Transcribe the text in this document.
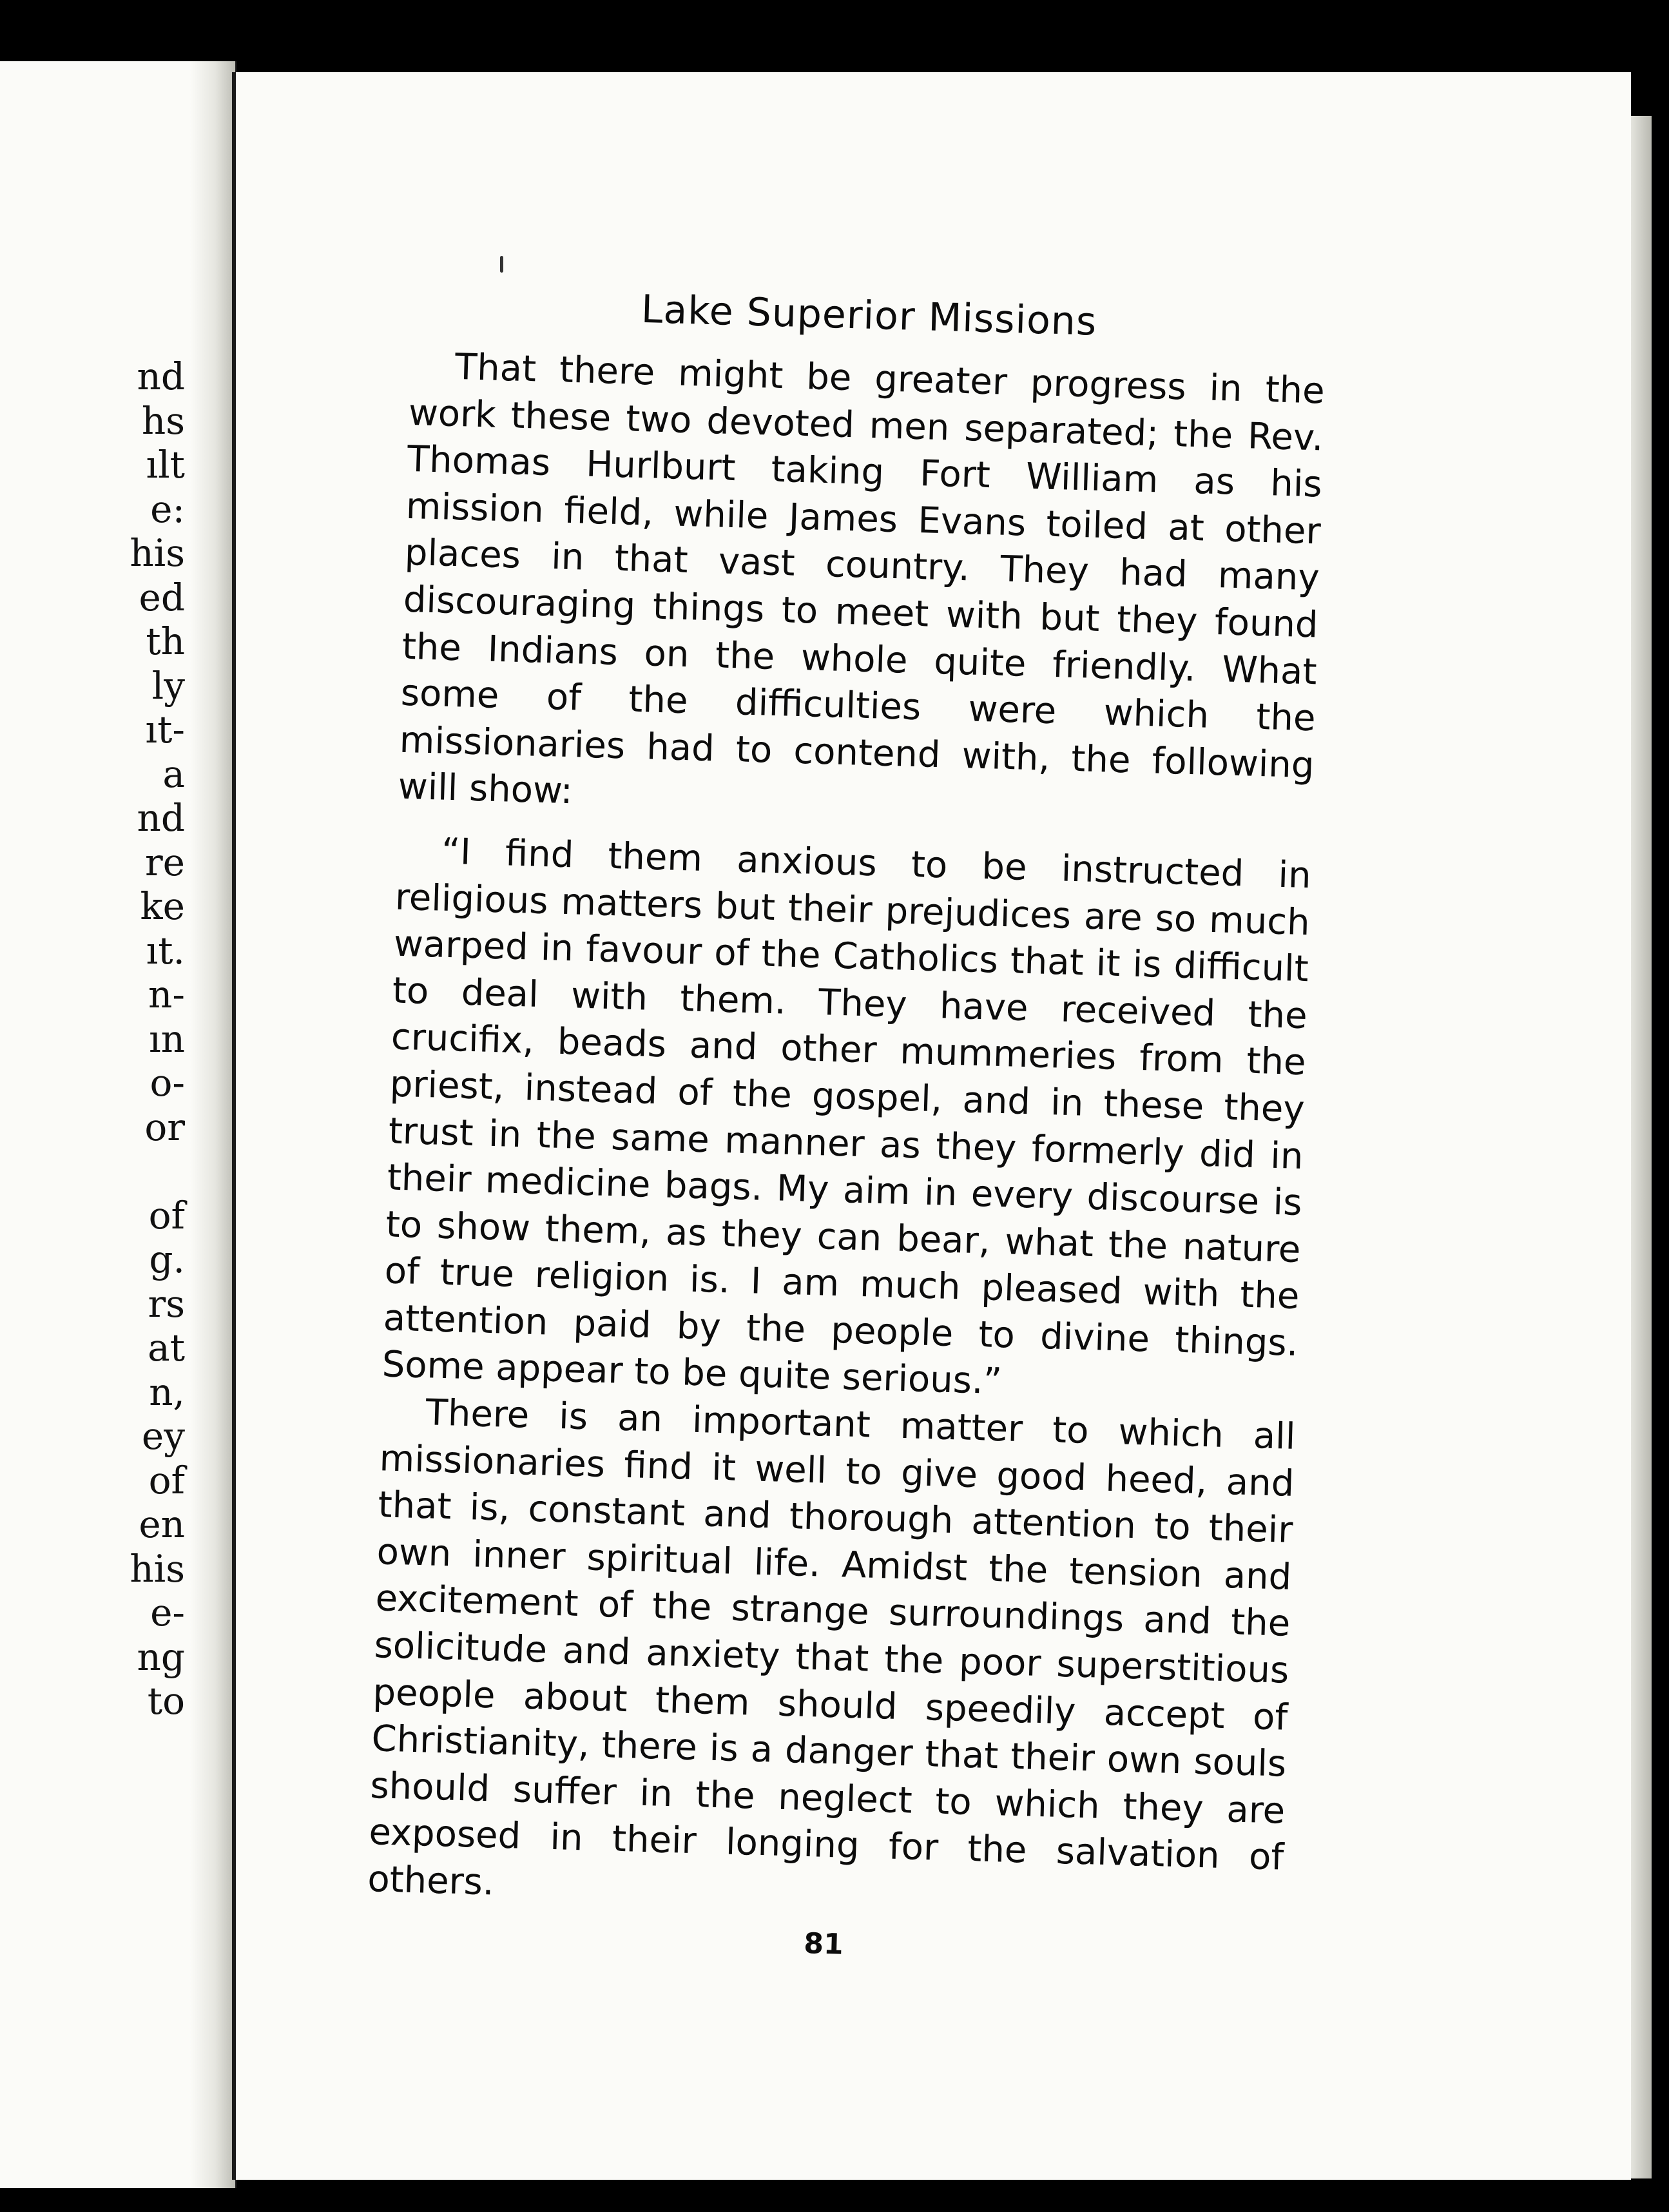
nd
hs
ılt
e:
his
ed
th
ly
ıt-
a
nd
re
ke
ıt.
n-
ın
o-
or
of
g.
rs
at
n,
ey
of
en
his
e-
ng
to
Lake Superior Missions

That there might be greater progress in the work these two devoted men separated; the Rev. Thomas Hurlburt taking Fort William as his mission field, while James Evans toiled at other places in that vast country. They had many discouraging things to meet with but they found the Indians on the whole quite friendly. What some of the difficulties were which the missionaries had to contend with, the following will show:

“I find them anxious to be instructed in religious matters but their prejudices are so much warped in favour of the Catholics that it is difficult to deal with them. They have received the crucifix, beads and other mummeries from the priest, instead of the gospel, and in these they trust in the same manner as they formerly did in their medicine bags. My aim in every discourse is to show them, as they can bear, what the nature of true religion is. I am much pleased with the attention paid by the people to divine things. Some appear to be quite serious.”

There is an important matter to which all missionaries find it well to give good heed, and that is, constant and thorough attention to their own inner spiritual life. Amidst the tension and excitement of the strange surroundings and the solicitude and anxiety that the poor superstitious people about them should speedily accept of Christianity, there is a danger that their own souls should suffer in the neglect to which they are exposed in their longing for the salvation of others.

81
